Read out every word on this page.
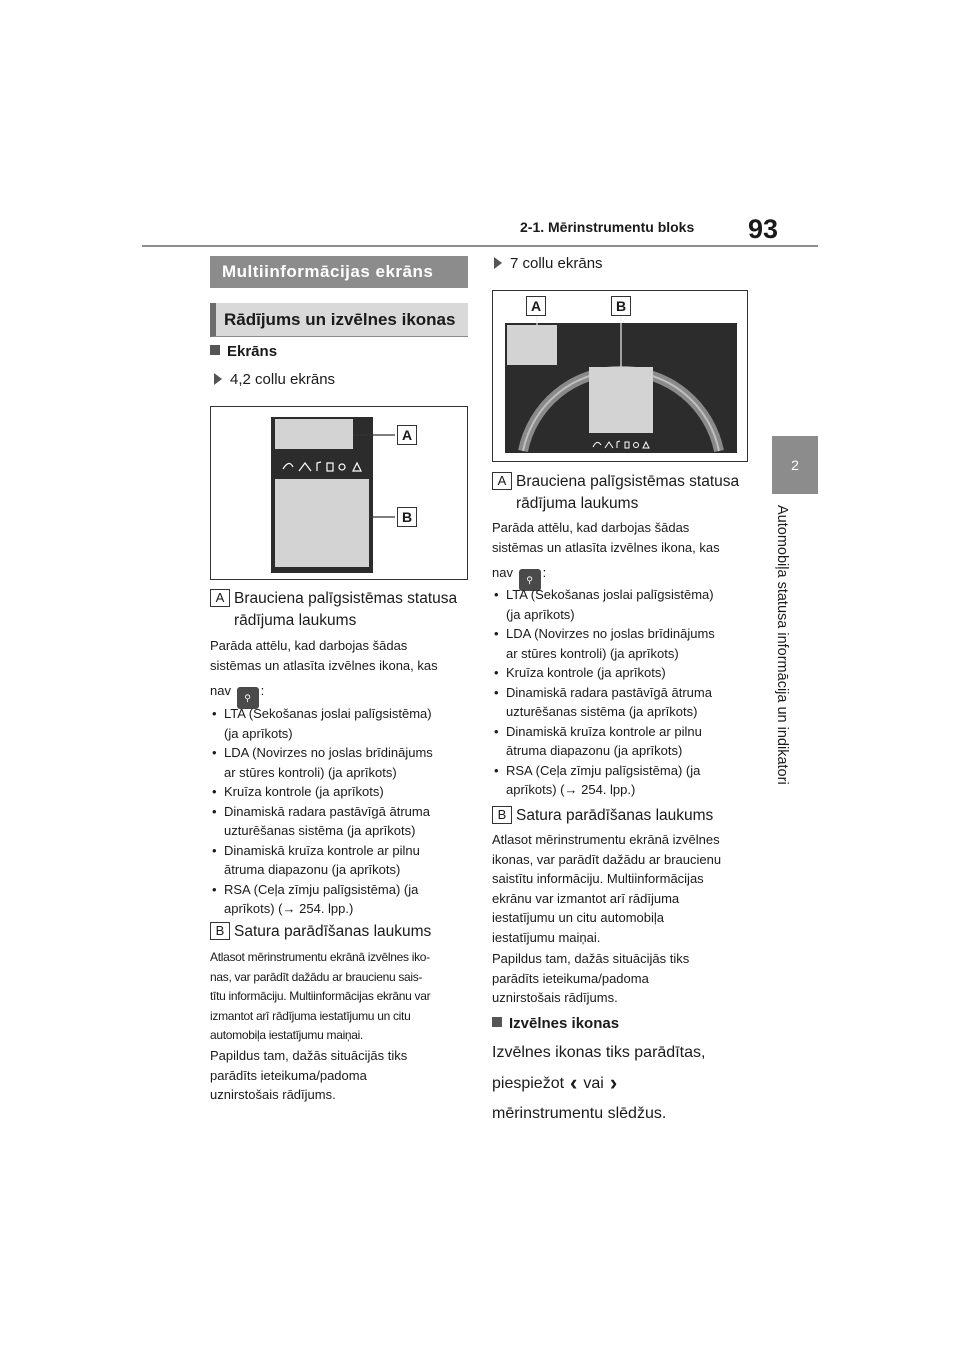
2-1. Mērinstrumentu bloks 93
2
Automobiļa statusa informācija un indikatori
Multiinformācijas ekrāns
Rādījums un izvēlnes ikonas
Ekrāns
4,2 collu ekrāns
A
B
A Brauciena palīgsistēmas statusa
rādījuma laukums
Parāda attēlu, kad darbojas šādas
sistēmas un atlasīta izvēlnes ikona, kas
nav ⚲ :
• LTA (Sekošanas joslai palīgsistēma)
(ja aprīkots)
• LDA (Novirzes no joslas brīdinājums
ar stūres kontroli) (ja aprīkots)
• Kruīza kontrole (ja aprīkots)
• Dinamiskā radara pastāvīgā ātruma
uzturēšanas sistēma (ja aprīkots)
• Dinamiskā kruīza kontrole ar pilnu
ātruma diapazonu (ja aprīkots)
• RSA (Ceļa zīmju palīgsistēma) (ja
aprīkots) (→ 254. lpp.)
B Satura parādīšanas laukums
Atlasot mērinstrumentu ekrānā izvēlnes iko-
nas, var parādīt dažādu ar braucienu sais-
tītu informāciju. Multiinformācijas ekrānu var
izmantot arī rādījuma iestatījumu un citu
automobiļa iestatījumu maiņai.
Papildus tam, dažās situācijās tiks
parādīts ieteikuma/padoma
uznirstošais rādījums.
7 collu ekrāns
A	B
A Brauciena palīgsistēmas statusa
rādījuma laukums
Parāda attēlu, kad darbojas šādas
sistēmas un atlasīta izvēlnes ikona, kas
nav ⚲ :
• LTA (Sekošanas joslai palīgsistēma)
(ja aprīkots)
• LDA (Novirzes no joslas brīdinājums
ar stūres kontroli) (ja aprīkots)
• Kruīza kontrole (ja aprīkots)
• Dinamiskā radara pastāvīgā ātruma
uzturēšanas sistēma (ja aprīkots)
• Dinamiskā kruīza kontrole ar pilnu
ātruma diapazonu (ja aprīkots)
• RSA (Ceļa zīmju palīgsistēma) (ja
aprīkots) (→ 254. lpp.)
B Satura parādīšanas laukums
Atlasot mērinstrumentu ekrānā izvēlnes
ikonas, var parādīt dažādu ar braucienu
saistītu informāciju. Multiinformācijas
ekrānu var izmantot arī rādījuma
iestatījumu un citu automobiļa
iestatījumu maiņai.
Papildus tam, dažās situācijās tiks
parādīts ieteikuma/padoma
uznirstošais rādījums.
Izvēlnes ikonas
Izvēlnes ikonas tiks parādītas,
piespiežot ‹ vai ›
mērinstrumentu slēdžus.
